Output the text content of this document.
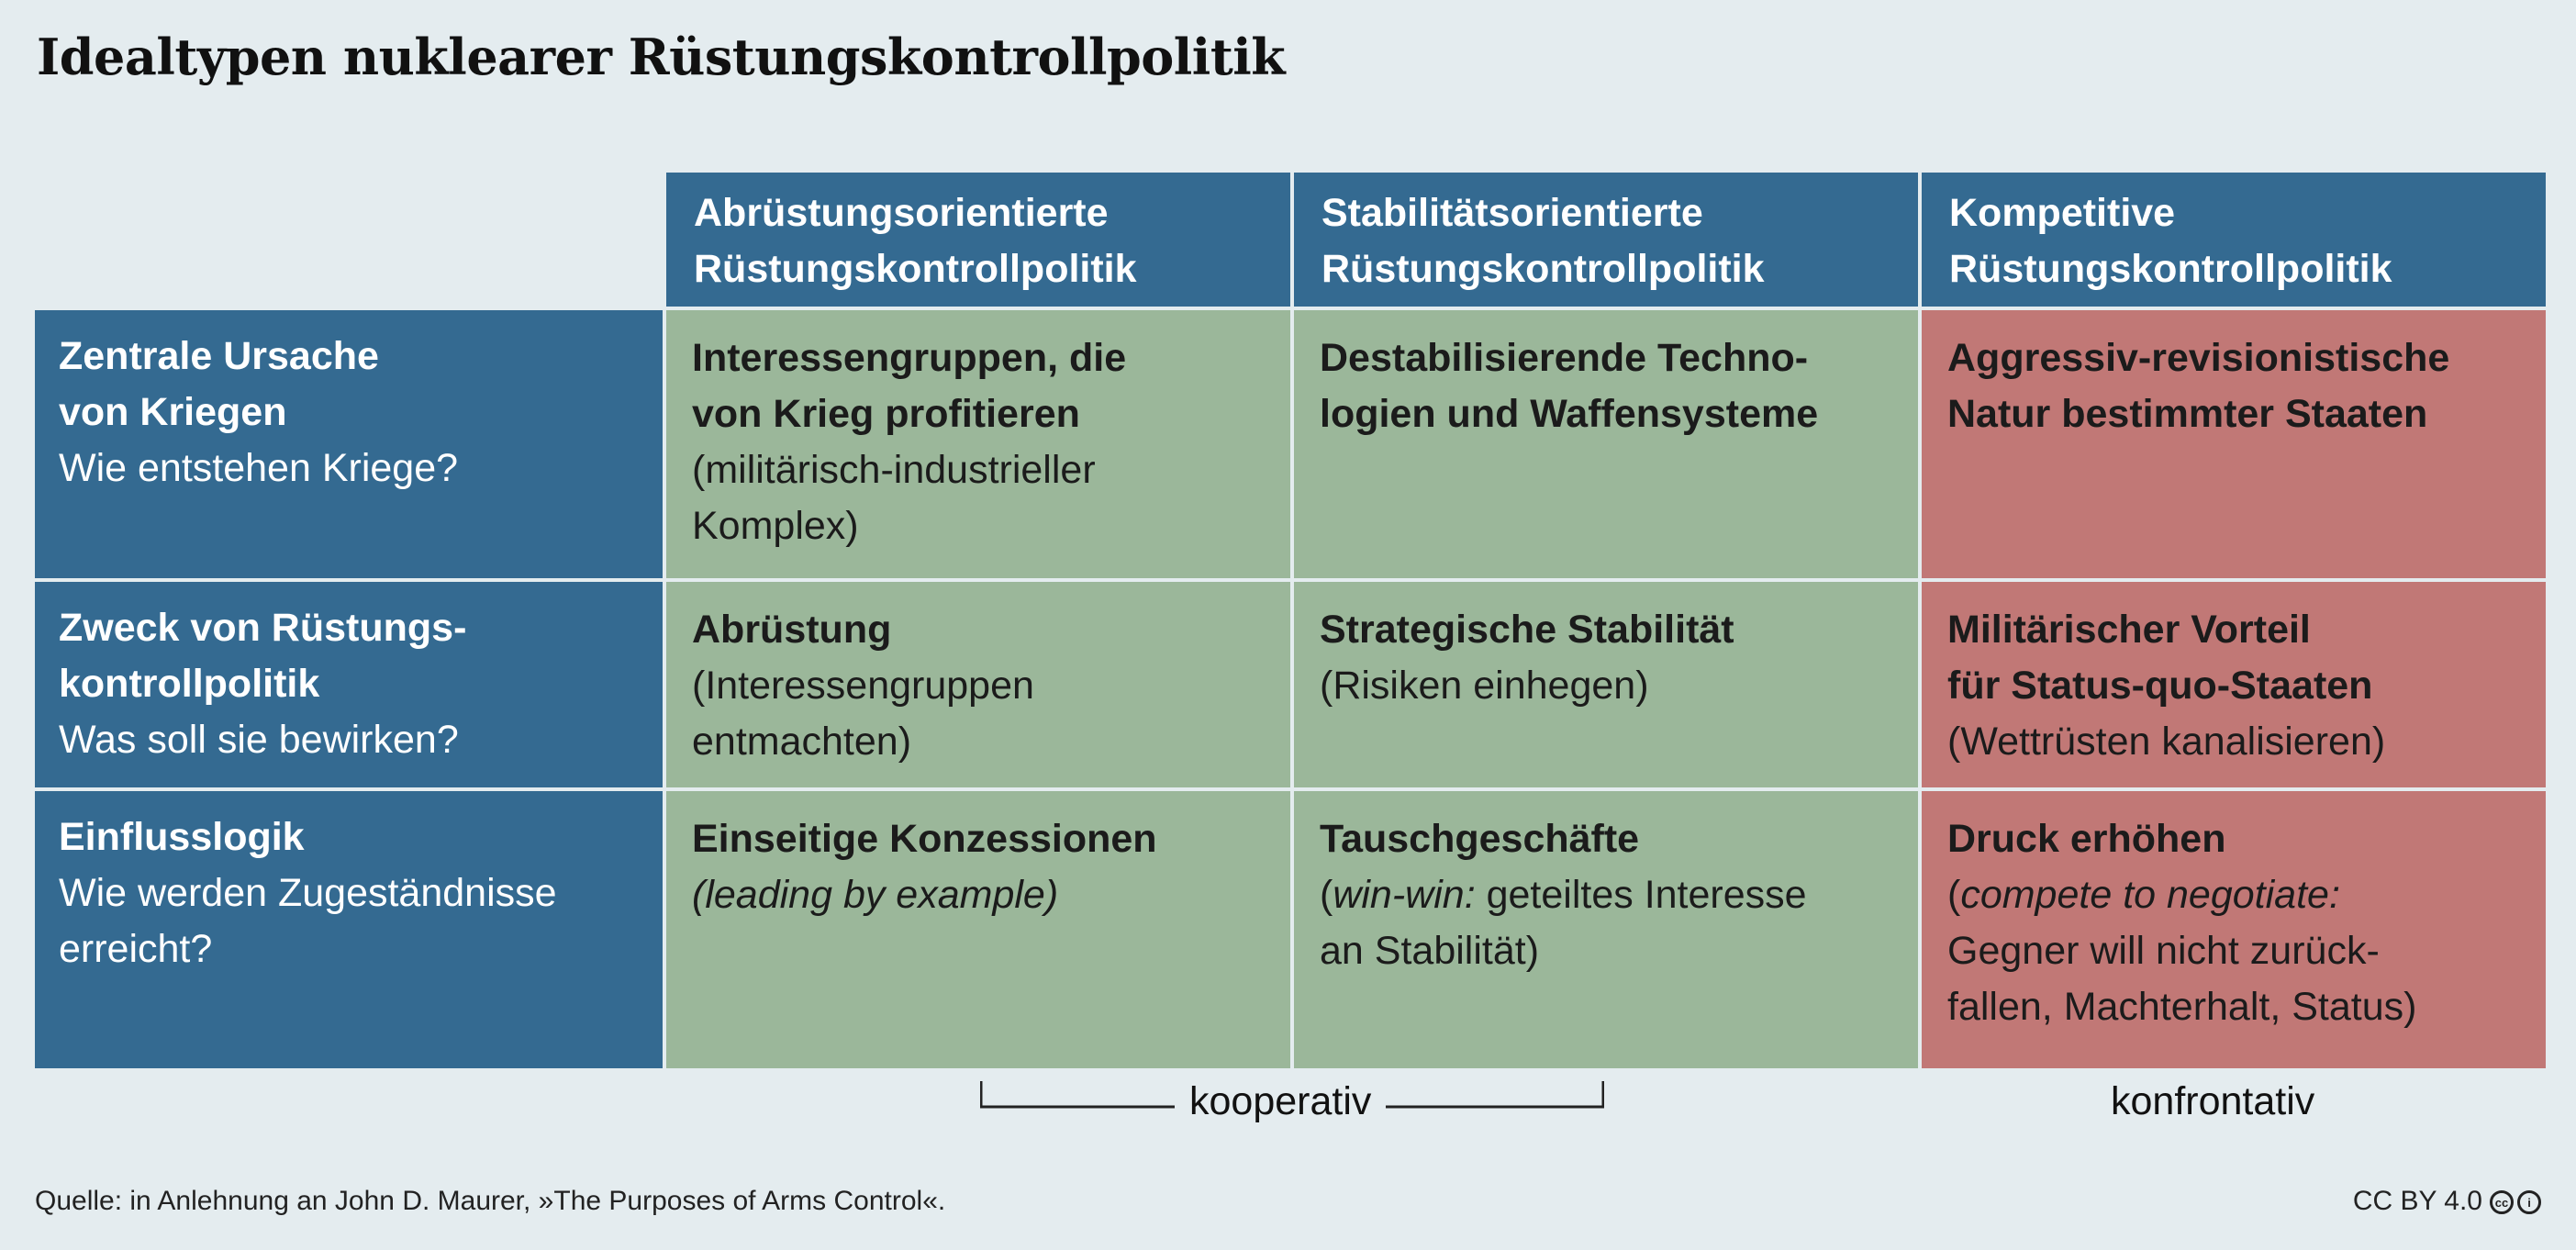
Idealtypen nuklearer Rüstungskontrollpolitik
Abrüstungsorientierte
Rüstungskontrollpolitik
Stabilitätsorientierte
Rüstungskontrollpolitik
Kompetitive
Rüstungskontrollpolitik
Zentrale Ursache
von Kriegen
Wie entstehen Kriege?
Interessengruppen, die
von Krieg profitieren
(militärisch-industrieller
Komplex)
Destabilisierende Techno-
logien und Waffensysteme
Aggressiv-revisionistische
Natur bestimmter Staaten
Zweck von Rüstungs-
kontrollpolitik
Was soll sie bewirken?
Abrüstung
(Interessengruppen
entmachten)
Strategische Stabilität
(Risiken einhegen)
Militärischer Vorteil
für Status-quo-Staaten
(Wettrüsten kanalisieren)
Einflusslogik
Wie werden Zugeständnisse
erreicht?
Einseitige Konzessionen
(leading by example)
Tauschgeschäfte
(win-win: geteiltes Interesse
an Stabilität)
Druck erhöhen
(compete to negotiate:
Gegner will nicht zurück-
fallen, Machterhalt, Status)
kooperativ	konfrontativ
Quelle: in Anlehnung an John D. Maurer, »The Purposes of Arms Control«.	CC BY 4.0 cc i
